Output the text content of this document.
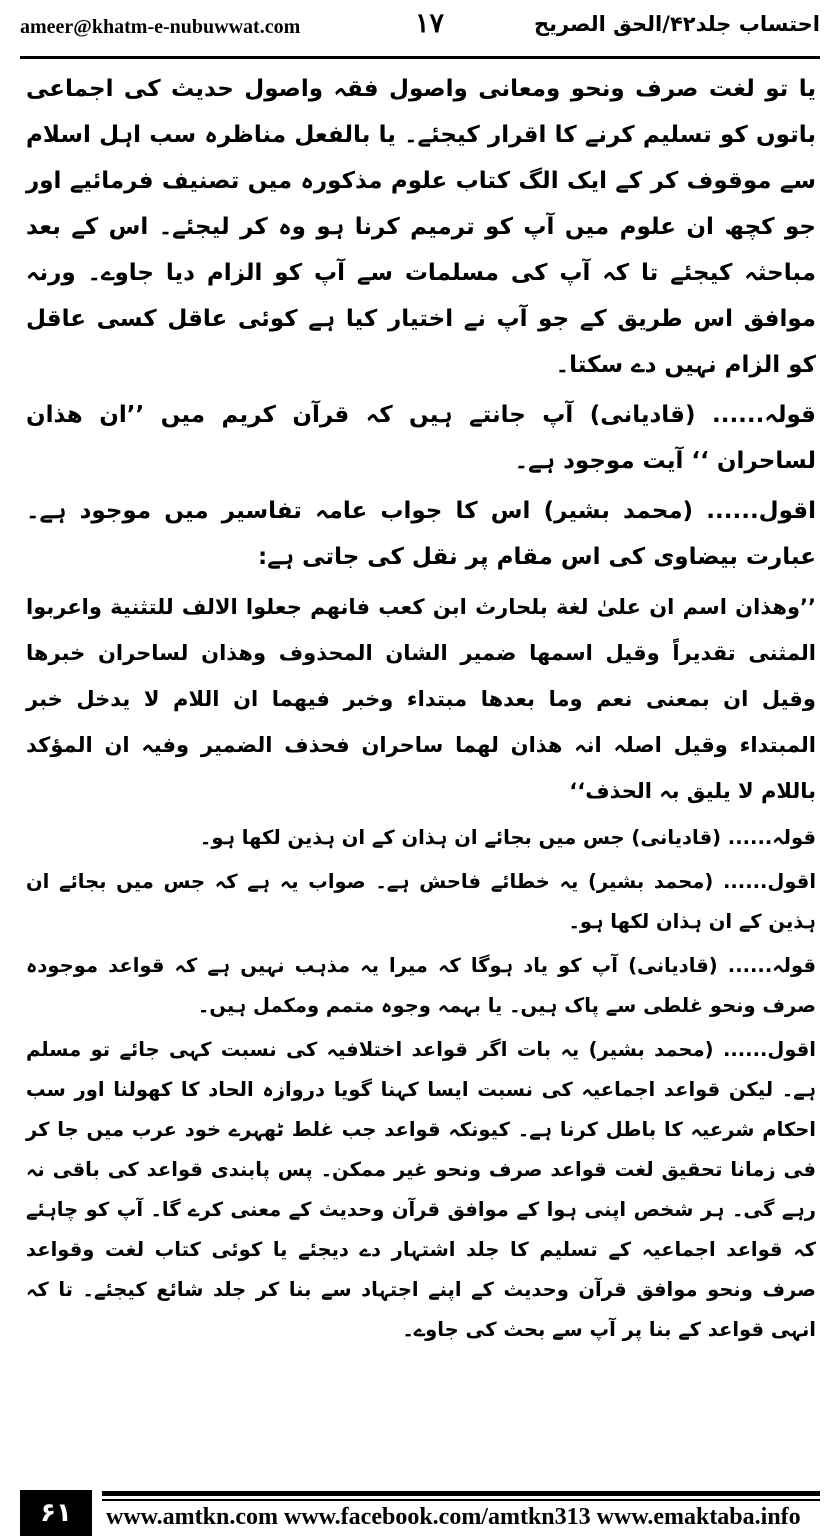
ameer@khatm-e-nubuwwat.com	۱۷	احتساب جلد۴۲/الحق الصریح

یا تو لغت صرف ونحو ومعانی واصول فقہ واصول حدیث کی اجماعی باتوں کو تسلیم کرنے کا اقرار کیجئے۔ یا بالفعل مناظرہ سب اہل اسلام سے موقوف کر کے ایک الگ کتاب علوم مذکورہ میں تصنیف فرمائیے اور جو کچھ ان علوم میں آپ کو ترمیم کرنا ہو وہ کر لیجئے۔ اس کے بعد مباحثہ کیجئے تا کہ آپ کی مسلمات سے آپ کو الزام دیا جاوے۔ ورنہ موافق اس طریق کے جو آپ نے اختیار کیا ہے کوئی عاقل کسی عاقل کو الزام نہیں دے سکتا۔

قولہ...... (قادیانی) آپ جانتے ہیں کہ قرآن کریم میں ’’ان ھذان لساحران ‘‘ آیت موجود ہے۔

اقول...... (محمد بشیر) اس کا جواب عامہ تفاسیر میں موجود ہے۔ عبارت بیضاوی کی اس مقام پر نقل کی جاتی ہے:

’’وھذان اسم ان علیٰ لغة بلحارث ابن کعب فانھم جعلوا الالف للتثنیة واعربوا المثنی تقدیراً وقیل اسمھا ضمیر الشان المحذوف وھذان لساحران خبرھا وقیل ان بمعنی نعم وما بعدھا مبتداء وخبر فیھما ان اللام لا یدخل خبر المبتداء وقیل اصلہ انہ ھذان لھما ساحران فحذف الضمیر وفیہ ان المؤکد باللام لا یلیق بہ الحذف‘‘

قولہ...... (قادیانی) جس میں بجائے ان ہذان کے ان ہذین لکھا ہو۔

اقول...... (محمد بشیر) یہ خطائے فاحش ہے۔ صواب یہ ہے کہ جس میں بجائے ان ہذین کے ان ہذان لکھا ہو۔

قولہ...... (قادیانی) آپ کو یاد ہوگا کہ میرا یہ مذہب نہیں ہے کہ قواعد موجودہ صرف ونحو غلطی سے پاک ہیں۔ یا بہمہ وجوہ متمم ومکمل ہیں۔

اقول...... (محمد بشیر) یہ بات اگر قواعد اختلافیہ کی نسبت کہی جائے تو مسلم ہے۔ لیکن قواعد اجماعیہ کی نسبت ایسا کہنا گویا دروازہ الحاد کا کھولنا اور سب احکام شرعیہ کا باطل کرنا ہے۔ کیونکہ قواعد جب غلط ٹھہرے خود عرب میں جا کر فی زمانا تحقیق لغت قواعد صرف ونحو غیر ممکن۔ پس پابندی قواعد کی باقی نہ رہے گی۔ ہر شخص اپنی ہوا کے موافق قرآن وحدیث کے معنی کرے گا۔ آپ کو چاہئے کہ قواعد اجماعیہ کے تسلیم کا جلد اشتہار دے دیجئے یا کوئی کتاب لغت وقواعد صرف ونحو موافق قرآن وحدیث کے اپنے اجتہاد سے بنا کر جلد شائع کیجئے۔ تا کہ انہی قواعد کے بنا پر آپ سے بحث کی جاوے۔

۶۱	www.amtkn.com www.facebook.com/amtkn313 www.emaktaba.info
